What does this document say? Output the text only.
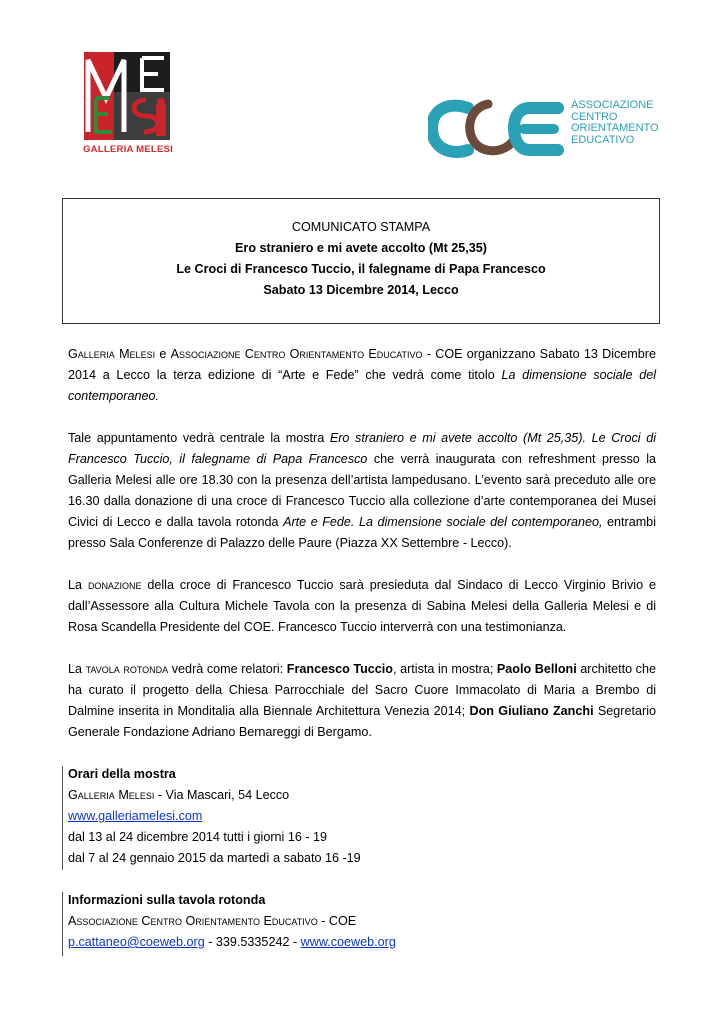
GALLERIA MELESI
ASSOCIAZIONE
CENTRO
ORIENTAMENTO
EDUCATIVO
COMUNICATO STAMPA
Ero straniero e mi avete accolto (Mt 25,35)
Le Croci di Francesco Tuccio, il falegname di Papa Francesco
Sabato 13 Dicembre 2014, Lecco
Galleria Melesi e Associazione Centro Orientamento Educativo - COE organizzano Sabato 13 Dicembre 2014 a Lecco la terza edizione di “Arte e Fede” che vedrà come titolo La dimensione sociale del contemporaneo.
Tale appuntamento vedrà centrale la mostra Ero straniero e mi avete accolto (Mt 25,35). Le Croci di Francesco Tuccio, il falegname di Papa Francesco che verrà inaugurata con refreshment presso la Galleria Melesi alle ore 18.30 con la presenza dell’artista lampedusano. L’evento sarà preceduto alle ore 16.30 dalla donazione di una croce di Francesco Tuccio alla collezione d’arte contemporanea dei Musei Civici di Lecco e dalla tavola rotonda Arte e Fede. La dimensione sociale del contemporaneo, entrambi presso Sala Conferenze di Palazzo delle Paure (Piazza XX Settembre - Lecco).
La donazione della croce di Francesco Tuccio sarà presieduta dal Sindaco di Lecco Virginio Brivio e dall’Assessore alla Cultura Michele Tavola con la presenza di Sabina Melesi della Galleria Melesi e di Rosa Scandella Presidente del COE. Francesco Tuccio interverrà con una testimonianza.
La tavola rotonda vedrà come relatori: Francesco Tuccio, artista in mostra; Paolo Belloni architetto che ha curato il progetto della Chiesa Parrocchiale del Sacro Cuore Immacolato di Maria a Brembo di Dalmine inserita in Monditalia alla Biennale Architettura Venezia 2014; Don Giuliano Zanchi Segretario Generale Fondazione Adriano Bernareggi di Bergamo.
Orari della mostra
Galleria Melesi - Via Mascari, 54 Lecco
www.galleriamelesi.com
dal 13 al 24 dicembre 2014 tutti i giorni 16 - 19
dal 7 al 24 gennaio 2015 da martedì a sabato 16 -19
Informazioni sulla tavola rotonda
Associazione Centro Orientamento Educativo - COE
p.cattaneo@coeweb.org - 339.5335242 - www.coeweb.org
